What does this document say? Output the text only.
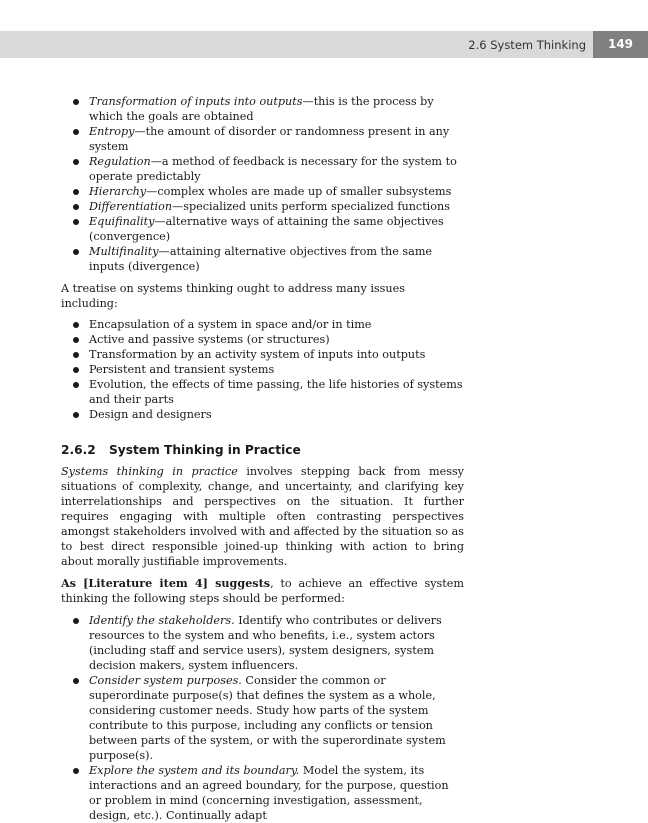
2.6 System Thinking	149
Transformation of inputs into outputs—this is the process by which the goals are obtained
Entropy—the amount of disorder or randomness present in any system
Regulation—a method of feedback is necessary for the system to operate predictably
Hierarchy—complex wholes are made up of smaller subsystems
Differentiation—specialized units perform specialized functions
Equifinality—alternative ways of attaining the same objectives (convergence)
Multifinality—attaining alternative objectives from the same inputs (divergence)

A treatise on systems thinking ought to address many issues including:

Encapsulation of a system in space and/or in time
Active and passive systems (or structures)
Transformation by an activity system of inputs into outputs
Persistent and transient systems
Evolution, the effects of time passing, the life histories of systems and their parts
Design and designers
2.6.2 System Thinking in Practice

Systems thinking in practice involves stepping back from messy situations of complexity, change, and uncertainty, and clarifying key interrelationships and perspectives on the situation. It further requires engaging with multiple often contrasting perspectives amongst stakeholders involved with and affected by the situation so as to best direct responsible joined-up thinking with action to bring about morally justifiable improvements.

As [Literature item 4] suggests, to achieve an effective system thinking the following steps should be performed:

Identify the stakeholders. Identify who contributes or delivers resources to the system and who benefits, i.e., system actors (including staff and service users), system designers, system decision makers, system influencers.
Consider system purposes. Consider the common or superordinate purpose(s) that defines the system as a whole, considering customer needs. Study how parts of the system contribute to this purpose, including any conflicts or tension between parts of the system, or with the superordinate system purpose(s).
Explore the system and its boundary. Model the system, its interactions and an agreed boundary, for the purpose, question or problem in mind (concerning investigation, assessment, design, etc.). Continually adapt
